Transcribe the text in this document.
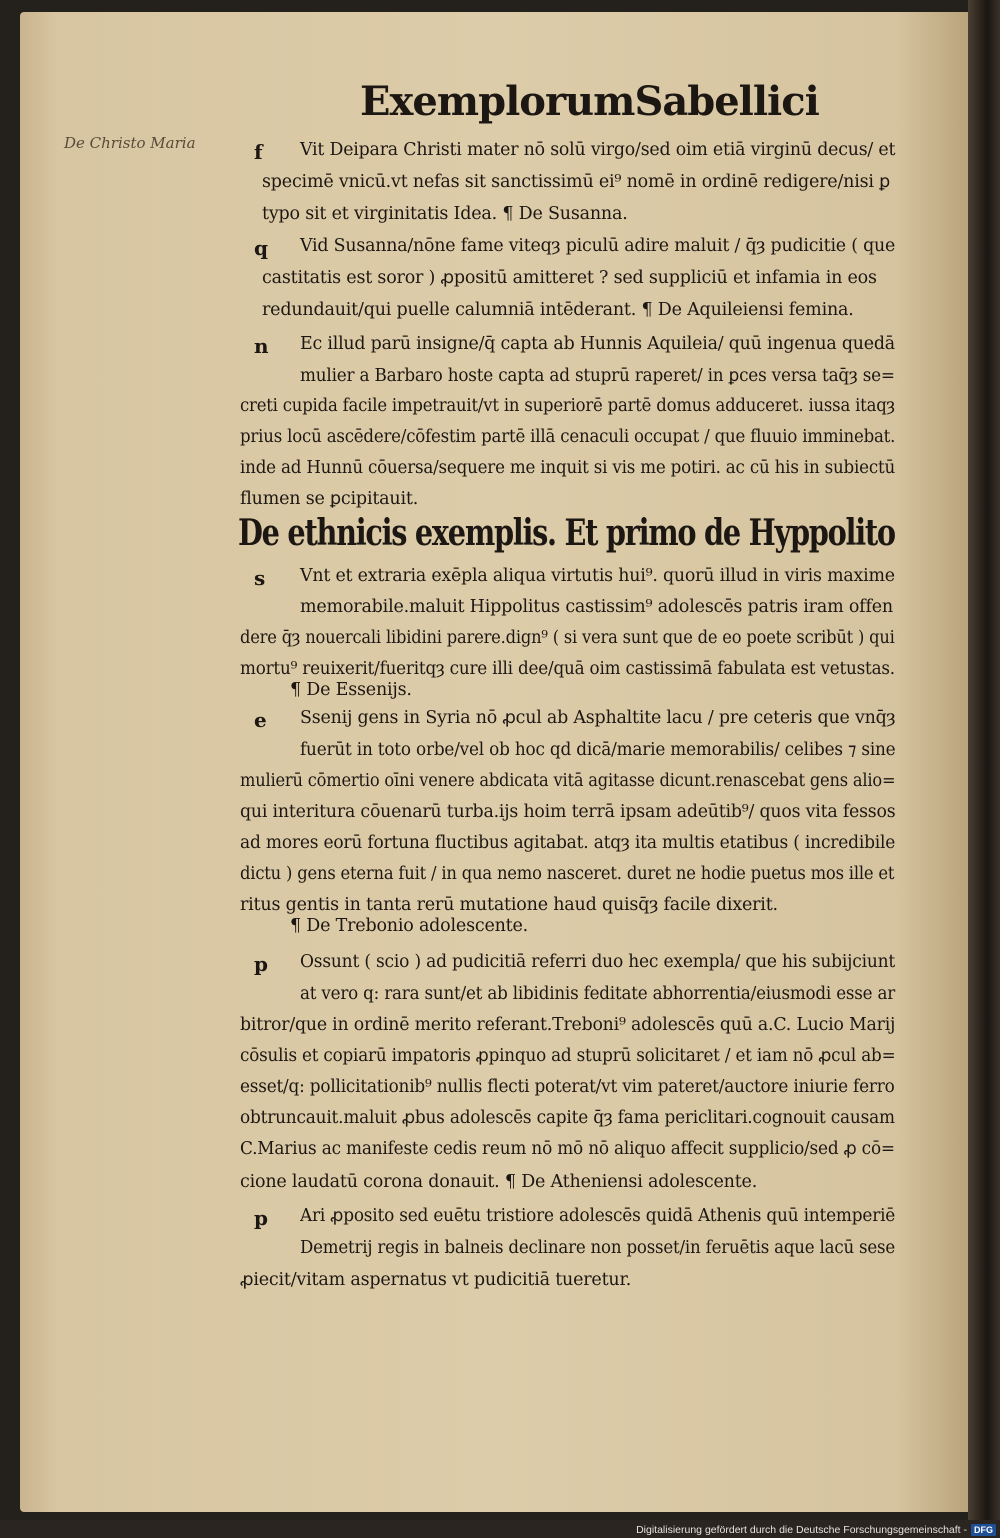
Exemplorum Sabellici
De Christo Maria	f Vit Deipara Christi mater nō solū virgo/sed oim etiā virginū decus/ et
specimē vnicū.vt nefas sit sanctissimū ei⁹ nomē in ordinē redigere/nisi ꝑ
typo sit et virginitatis Idea. ¶ De Susanna.
q Vid Susanna/nōne fame viteqȝ piculū adire maluit / q̄ȝ pudicitie ( que
castitatis est soror ) ꝓpositū amitteret ? sed suppliciū et infamia in eos
redundauit/qui puelle calumniā intēderant. ¶ De Aquileiensi femina.
n Ec illud parū insigne/q̄ capta ab Hunnis Aquileia/ quū ingenua quedā
mulier a Barbaro hoste capta ad stuprū raperet/ in ꝑces versa taq̄ȝ se=
creti cupida facile impetrauit/vt in superiorē partē domus adduceret. iussa itaqȝ
prius locū ascēdere/cōfestim partē illā cenaculi occupat / que fluuio imminebat.
inde ad Hunnū cōuersa/sequere me inquit si vis me potiri. ac cū his in subiectū
flumen se ꝑcipitauit.
De ethnicis exemplis. Et primo de Hyppolito
s Vnt et extraria exēpla aliqua virtutis hui⁹. quorū illud in viris maxime
memorabile.maluit Hippolitus castissim⁹ adolescēs patris iram offen
dere q̄ȝ nouercali libidini parere.dign⁹ ( si vera sunt que de eo poete scribūt ) qui
mortu⁹ reuixerit/fueritqȝ cure illi dee/quā oim castissimā fabulata est vetustas.
¶ De Essenijs.
e Ssenij gens in Syria nō ꝓcul ab Asphaltite lacu / pre ceteris que vnq̄ȝ
fuerūt in toto orbe/vel ob hoc qd dicā/marie memorabilis/ celibes ⁊ sine
mulierū cōmertio oīni venere abdicata vitā agitasse dicunt.renascebat gens alio=
qui interitura cōuenarū turba.ijs hoim terrā ipsam adeūtib⁹/ quos vita fessos
ad mores eorū fortuna fluctibus agitabat. atqȝ ita multis etatibus ( incredibile
dictu ) gens eterna fuit / in qua nemo nasceret. duret ne hodie puetus mos ille et
ritus gentis in tanta rerū mutatione haud quisq̄ȝ facile dixerit.
¶ De Trebonio adolescente.
p Ossunt ( scio ) ad pudicitiā referri duo hec exempla/ que his subijciunt
at vero q: rara sunt/et ab libidinis feditate abhorrentia/eiusmodi esse ar
bitror/que in ordinē merito referant.Treboni⁹ adolescēs quū a.C. Lucio Marij
cōsulis et copiarū impatoris ꝓpinquo ad stuprū solicitaret / et iam nō ꝓcul ab=
esset/q: pollicitationib⁹ nullis flecti poterat/vt vim pateret/auctore iniurie ferro
obtruncauit.maluit ꝓbus adolescēs capite q̄ȝ fama periclitari.cognouit causam
C.Marius ac manifeste cedis reum nō mō nō aliquo affecit supplicio/sed ꝓ cō=
cione laudatū corona donauit. ¶ De Atheniensi adolescente.
p Ari ꝓposito sed euētu tristiore adolescēs quidā Athenis quū intemperiē
Demetrij regis in balneis declinare non posset/in feruētis aque lacū sese
ꝓiecit/vitam aspernatus vt pudicitiā tueretur.
Digitalisierung gefördert durch die Deutsche Forschungsgemeinschaft - DFG
